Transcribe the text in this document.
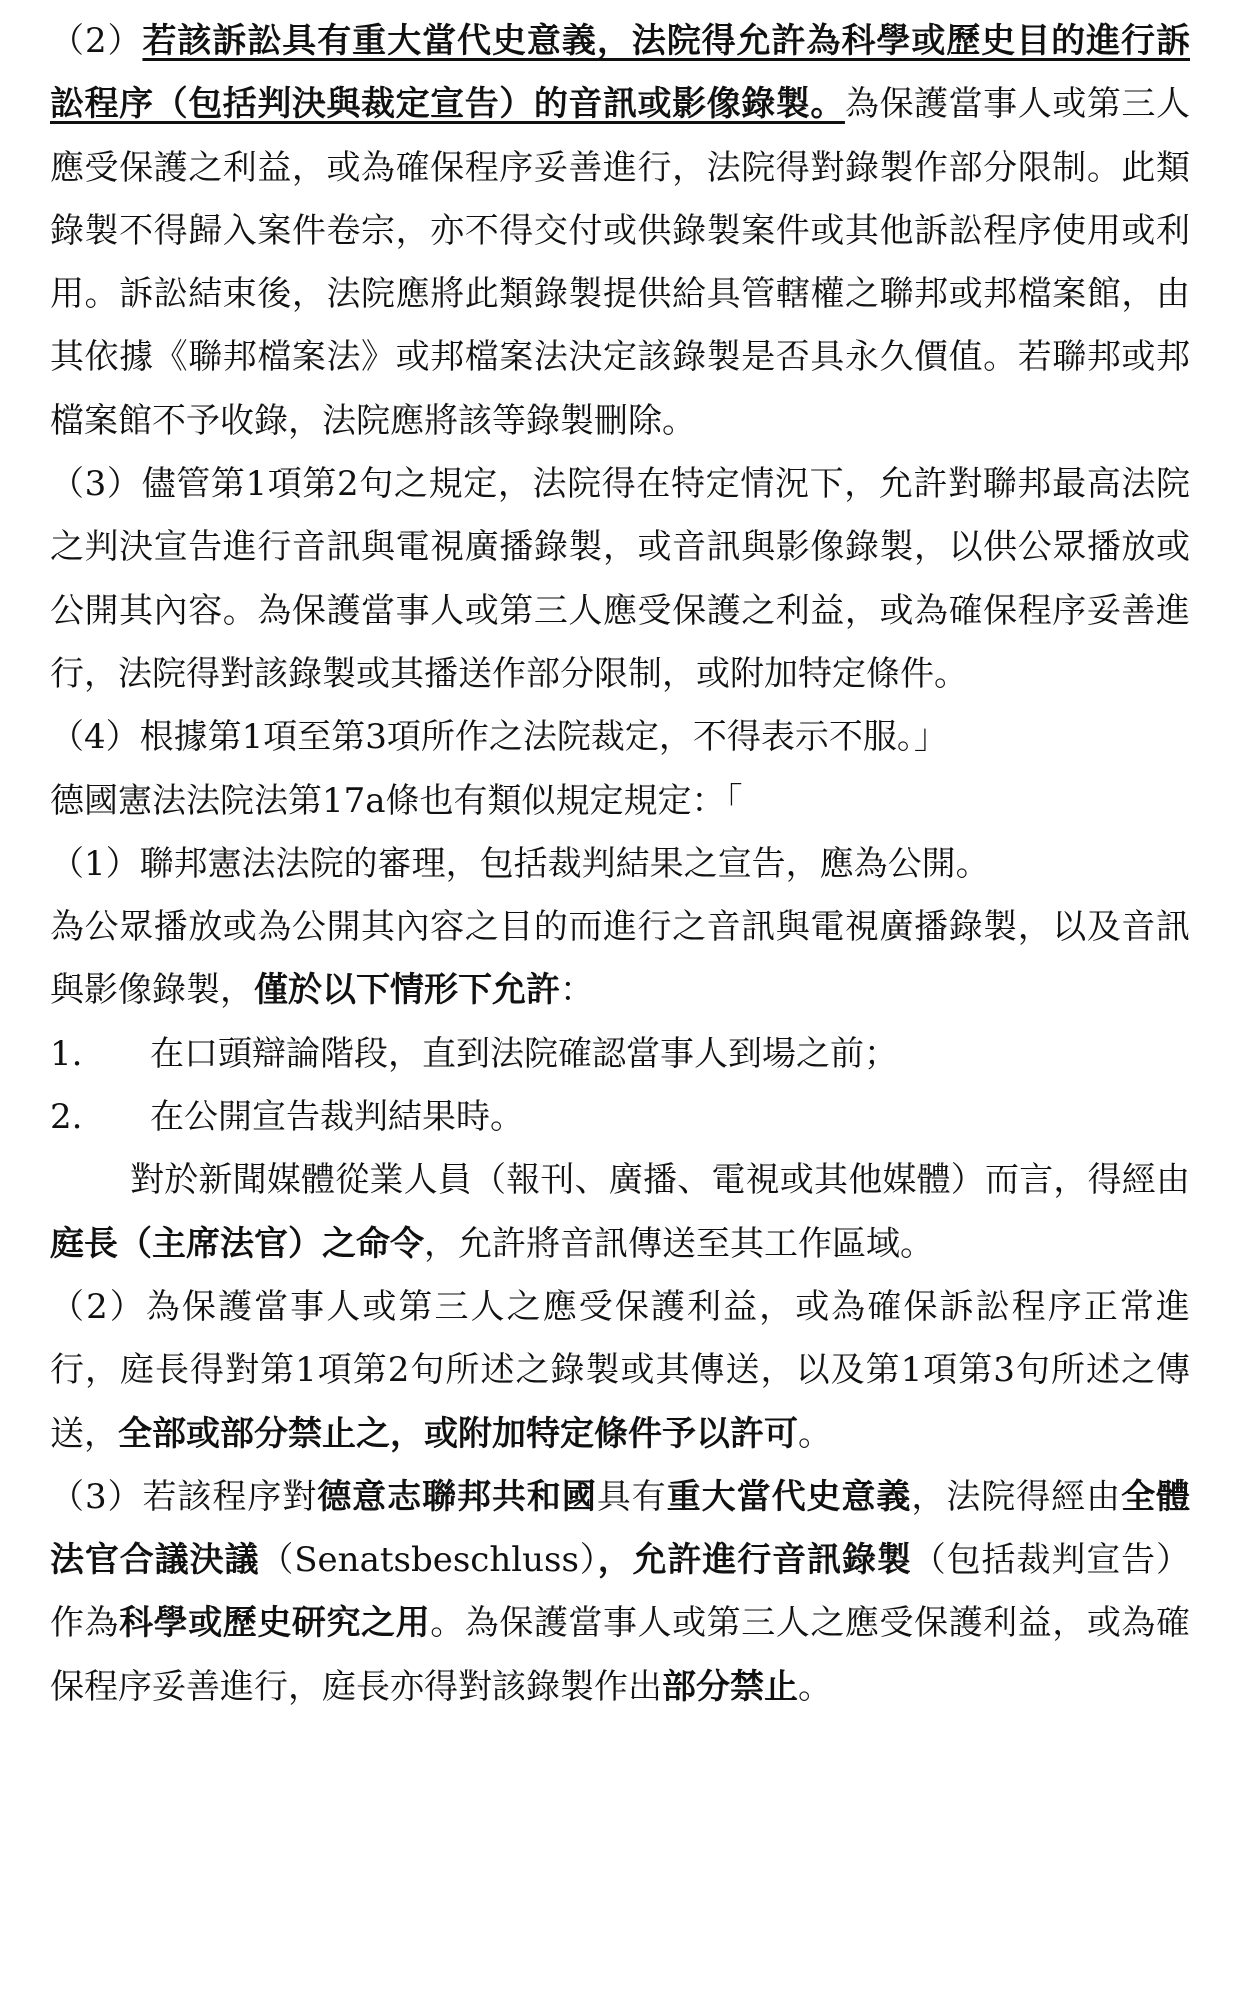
（2）若該訴訟具有重大當代史意義，法院得允許為科學或歷史目的進行訴訟程序（包括判決與裁定宣告）的音訊或影像錄製。為保護當事人或第三人應受保護之利益，或為確保程序妥善進行，法院得對錄製作部分限制。此類錄製不得歸入案件卷宗，亦不得交付或供錄製案件或其他訴訟程序使用或利用。訴訟結束後，法院應將此類錄製提供給具管轄權之聯邦或邦檔案館，由其依據《聯邦檔案法》或邦檔案法決定該錄製是否具永久價值。若聯邦或邦檔案館不予收錄，法院應將該等錄製刪除。

（3）儘管第1項第2句之規定，法院得在特定情況下，允許對聯邦最高法院之判決宣告進行音訊與電視廣播錄製，或音訊與影像錄製，以供公眾播放或公開其內容。為保護當事人或第三人應受保護之利益，或為確保程序妥善進行，法院得對該錄製或其播送作部分限制，或附加特定條件。

（4）根據第1項至第3項所作之法院裁定，不得表示不服。」

德國憲法法院法第17a條也有類似規定規定：「

（1）聯邦憲法法院的審理，包括裁判結果之宣告，應為公開。

為公眾播放或為公開其內容之目的而進行之音訊與電視廣播錄製，以及音訊與影像錄製，僅於以下情形下允許：

1.	在口頭辯論階段，直到法院確認當事人到場之前；
2.	在公開宣告裁判結果時。

對於新聞媒體從業人員（報刊、廣播、電視或其他媒體）而言，得經由庭長（主席法官）之命令，允許將音訊傳送至其工作區域。

（2）為保護當事人或第三人之應受保護利益，或為確保訴訟程序正常進行，庭長得對第1項第2句所述之錄製或其傳送，以及第1項第3句所述之傳送，全部或部分禁止之，或附加特定條件予以許可。

（3）若該程序對德意志聯邦共和國具有重大當代史意義，法院得經由全體法官合議決議（Senatsbeschluss），允許進行音訊錄製（包括裁判宣告）作為科學或歷史研究之用。為保護當事人或第三人之應受保護利益，或為確保程序妥善進行，庭長亦得對該錄製作出部分禁止。
